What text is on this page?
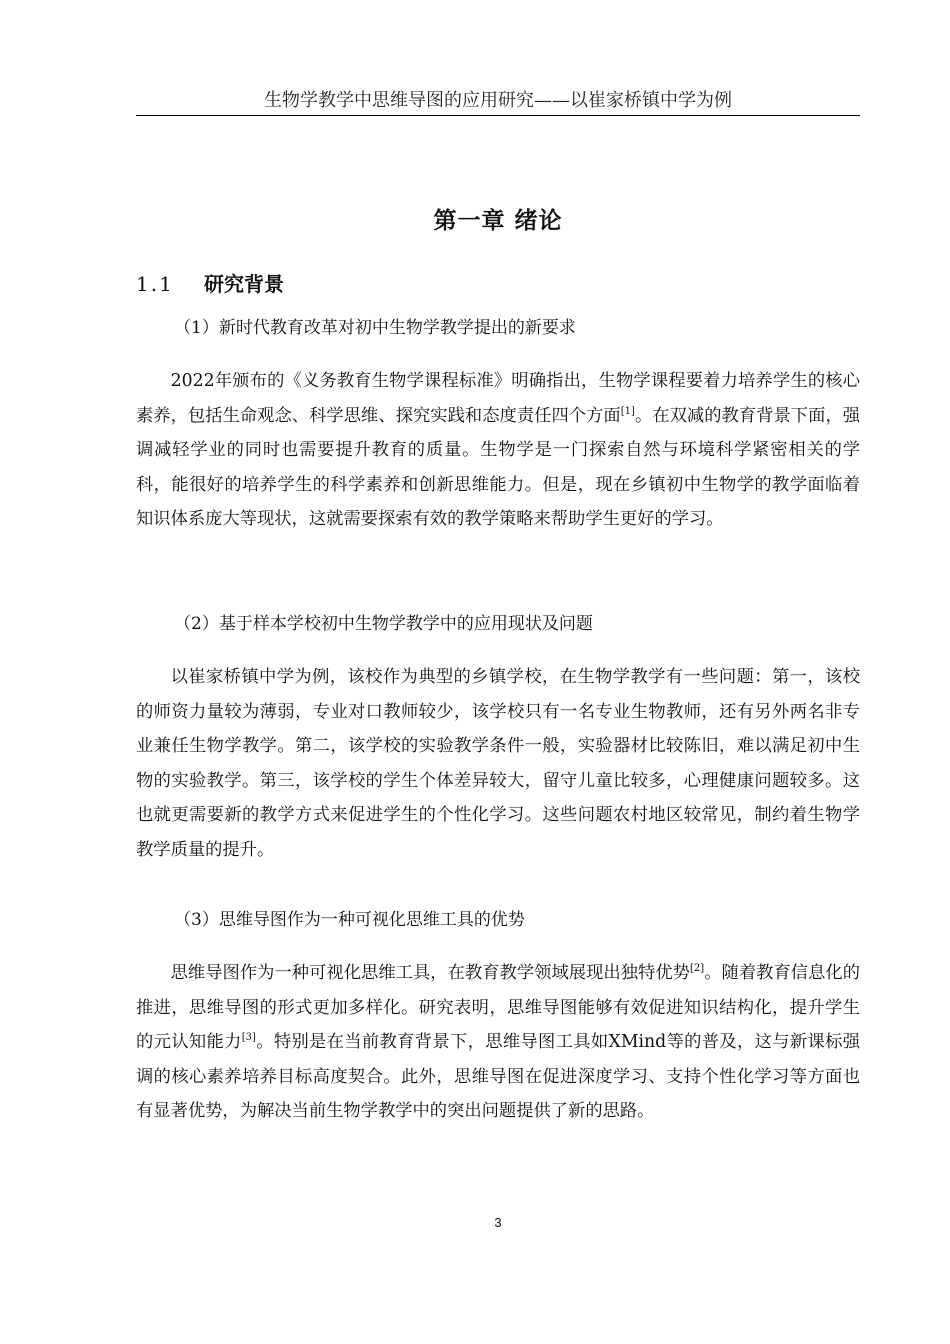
生物学教学中思维导图的应用研究——以崔家桥镇中学为例
第一章 绪论
1.1 研究背景
（1）新时代教育改革对初中生物学教学提出的新要求

2022年颁布的《义务教育生物学课程标准》明确指出，生物学课程要着力培养学生的核心素养，包括生命观念、科学思维、探究实践和态度责任四个方面[1]。在双减的教育背景下面，强调减轻学业的同时也需要提升教育的质量。生物学是一门探索自然与环境科学紧密相关的学科，能很好的培养学生的科学素养和创新思维能力。但是，现在乡镇初中生物学的教学面临着知识体系庞大等现状，这就需要探索有效的教学策略来帮助学生更好的学习。

（2）基于样本学校初中生物学教学中的应用现状及问题

以崔家桥镇中学为例，该校作为典型的乡镇学校，在生物学教学有一些问题：第一，该校的师资力量较为薄弱，专业对口教师较少，该学校只有一名专业生物教师，还有另外两名非专业兼任生物学教学。第二，该学校的实验教学条件一般，实验器材比较陈旧，难以满足初中生物的实验教学。第三，该学校的学生个体差异较大，留守儿童比较多，心理健康问题较多。这也就更需要新的教学方式来促进学生的个性化学习。这些问题农村地区较常见，制约着生物学教学质量的提升。

（3）思维导图作为一种可视化思维工具的优势

思维导图作为一种可视化思维工具，在教育教学领域展现出独特优势[2]。随着教育信息化的推进，思维导图的形式更加多样化。研究表明，思维导图能够有效促进知识结构化，提升学生的元认知能力[3]。特别是在当前教育背景下，思维导图工具如XMind等的普及，这与新课标强调的核心素养培养目标高度契合。此外，思维导图在促进深度学习、支持个性化学习等方面也有显著优势，为解决当前生物学教学中的突出问题提供了新的思路。

3
